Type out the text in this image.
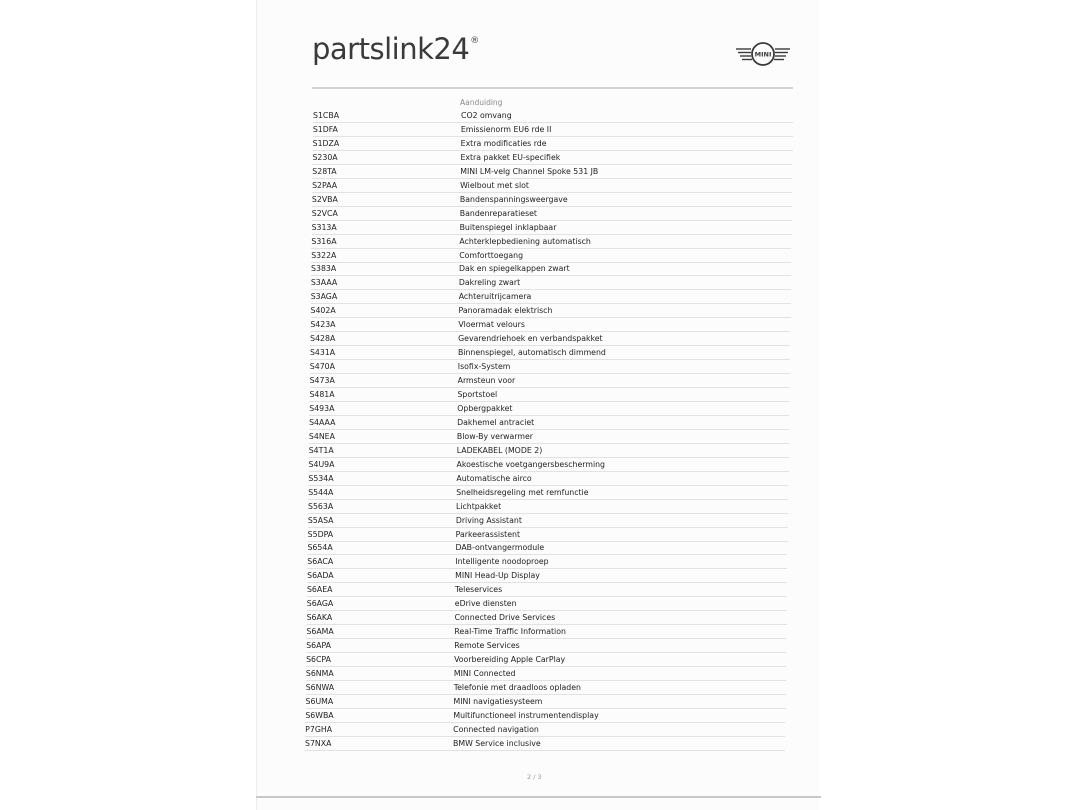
partslink24®
MINI
Aanduiding
S1CBA	CO2 omvang
S1DFA	Emissienorm EU6 rde II
S1DZA	Extra modificaties rde
S230A	Extra pakket EU-specifiek
S28TA	MINI LM-velg Channel Spoke 531 JB
S2PAA	Wielbout met slot
S2VBA	Bandenspanningsweergave
S2VCA	Bandenreparatieset
S313A	Buitenspiegel inklapbaar
S316A	Achterklepbediening automatisch
S322A	Comforttoegang
S383A	Dak en spiegelkappen zwart
S3AAA	Dakreling zwart
S3AGA	Achteruitrijcamera
S402A	Panoramadak elektrisch
S423A	Vloermat velours
S428A	Gevarendriehoek en verbandspakket
S431A	Binnenspiegel, automatisch dimmend
S470A	Isofix-System
S473A	Armsteun voor
S481A	Sportstoel
S493A	Opbergpakket
S4AAA	Dakhemel antraciet
S4NEA	Blow-By verwarmer
S4T1A	LADEKABEL (MODE 2)
S4U9A	Akoestische voetgangersbescherming
S534A	Automatische airco
S544A	Snelheidsregeling met remfunctie
S563A	Lichtpakket
S5ASA	Driving Assistant
S5DPA	Parkeerassistent
S654A	DAB-ontvangermodule
S6ACA	Intelligente noodoproep
S6ADA	MINI Head-Up Display
S6AEA	Teleservices
S6AGA	eDrive diensten
S6AKA	Connected Drive Services
S6AMA	Real-Time Traffic Information
S6APA	Remote Services
S6CPA	Voorbereiding Apple CarPlay
S6NMA	MINI Connected
S6NWA	Telefonie met draadloos opladen
S6UMA	MINI navigatiesysteem
S6WBA	Multifunctioneel instrumentendisplay
P7GHA	Connected navigation
S7NXA	BMW Service inclusive
2 / 3
